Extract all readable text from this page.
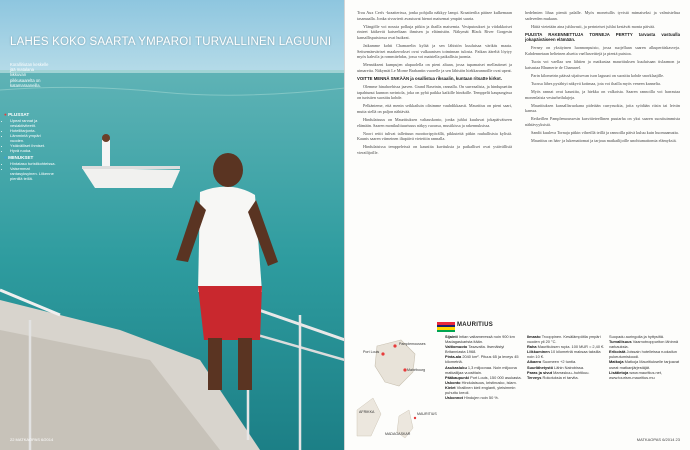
LAHES KOKO SAARTA YMPAROI TURVALLINEN LAGUUNI
Koralliriutan keskelle jää matalana liikkuvan pikkusaarelta on katamaraaneilla.
● PLUSSAT
• Upeat rannat ja vesiaktiviteetit.
• Hotellitarjonta.
• Lämmintä ympäri vuoden.
• Ystävälliset ihmiset.
• Hyvä ruoka.
● MIINUKSET
• Hintataso turistikohteissa.
• Vaisemmat rantasyksyinen. Liikenne pienillä teillä.
22 MATKAOPAS 6/2014

Trou Aux Cerfs -kraatterissa, jonka pohjalla näkkyy lampi. Kraatterilta pääsee kulkemaan tasamaalla. Jonka sivuvierit avautuvat hienot maisemat ympäri saarta.

Ylängölle voi nousta polkuja pitkin ja ihailla maisemia. Vesiputoukset ja viidakkoiset rinteet kätkevät katseeltaan ihmisen ja eläimistön. Näkymät Black River Gorgesin kansallispuistossa ovat huikeat.

Jatkamme kohti Chamarelin kylää ja sen lähistön kuuluisaa värikäs maata. Seitsemänväriset maakerrokset ovat vulkaanisen toiminnan tulosta. Paikan ääreltä löytyy myös kahvila ja rommitehdas, jossa voi maistella paikallisia juomia.

Mennäkseni kumpujen alapuolella on pieni altaan, jossa tupamaiset mellastimet ja uimareita. Näkymät Le Morne Brabantin vuorelle ja sen lähistön hiekkarannoille ovat upeat.

VOITTE MENNÄ SNKÄÄN ja osallistua riksaalin, kuntaan ritsatte kirkot.

Olemme hinahoehissa jaaven. Grand Baseinin, rannalla. On surreaalista, ja hindupuetiin tapahtunut kunnon ravintola, joka on pyhä paikka kaikille hinduille. Temppelit kaupungissa on turistien suosittu kohde.

Pelkänteme, että menin seikkailuin olisimme vauhdikkaasti. Mauritius on pieni saari, mutta siellä on paljon nähtävää.

Hindulaisuus on Mauritiuksen valtauskonto, jonka juhlat kuuluvat jokapäiväiseen elämään. Saaren monikulttuurisuus näkyy ruoassa, musiikissa ja rakennuksissa.

Noori reitit tulivat tallettuun moottoripyörällä, pikkuteitä pitkin rauhallisista kylistä. Kaunis saaren viimeinen iltapäivä vietettiin rannalla.

Hindulaisissa temppeleissä on kauniita kuvituksia ja paikalliset ovat ystävällisiä vierailijoille.

hedelmien lihaa pientä palalle. Myös monetullis tyvistä mimaiseksi ja valmisteltua sadeveden mukaan.

Häitä vietetään aina juhlavasti, ja perinteiset juhlat kestävät monta päivää.

PUUSTA RAKENNETTUJA TORNEJA PERTTY tarvasta vastuulla jokapäiväiseen elämään.

Ferney on yksityinen luonnonpuisto, jossa suojellaan saaren alkuperäiskasveja. Kahdennetaan helteinen aluetta vaellusreittejä ja pientä puistoa.

Tuota voi vaellaa sen lähtien ja matkustaa mauritiuksen kuuluisaan tislaamon ja katsastaa Rhumerie de Chamarel.

Parin kilometrin päässä sijaitsevan ison laguuni on suosittu kohde snorklaajille.

Tuossa lähes pysähtyi näkyvä kotimaa, jota voi ihailla myös veneen kannelta.

Myös rannat ovat kauniita, ja hiekka on valkoista. Saaren rannoilla voi harrastaa monenlaisia vesiurheilulajeja.

Mauritiuksen kansallisruokana pidetään curryruokia, joita syödään riisin tai leivän kanssa.

Retkeillen Pamplemoussesin kasvitieteellinen puutarha on yksi saaren suosituimmista nähtävyyksistä.

Sandit kuuleva Tornaja pitkin vihreillä teillä ja rannoilla päivä kuluu kuin huomaamatta.

Mauritius on hän- ja lukemattomat ja tarjoaa matkailijoille unohtumattomia elämyksiä.

MAURITIUS
Port Louis
Pamplemousses
Mahébourg
AFRIKKA	MAURITIUS
MADAGASKAR

Sijainti Intian valtameressä noin 900 km Madagaskarista itään.

Valtiomuoto Tasavalta. Itsenäistyi Britanniasta 1968.

Pinta-ala 2040 km². Pituus 65 ja leveys 45 kilometriä.

Asukasluku 1,3 miljoonaa. Noin miljoona matkailijaa vuosittain.

Pääkaupunki Port Louis, 150 000 asukasta.

Uskonto Hindulaisuus, kristinusko, islam.

Kielet Virallinen kieli englanti, yleisimmin puhuttu kreoli.

Uskonnot Hindujen noin 50 %.

Ilmasto Trooppinen. Kesälämpötila ympäri vuoden yli 20 °C.

Raha Mauritiuksen rupia. 100 MUR = 2,40 €.

Liikkuminen 10 kilometriä maksaa taksilla noin 10 €.

Aikaero Suomeen +2 tuntia.

Suurlähetystö Lähin Nairobissa.

Paras ja sivut Marraskuu–huhtikuu.

Terveys Rokotuksia ei tarvita.

Suopadu auringolla ja hyttysiltä.

Turvallisuus Vaarnotnoppuriton lähinnä varkauksia.

Erikoistä Joissain hotelleissa ruokailun pukeutumiskoodi.

Matkoja Matkoja Mauritiukselle tarjoavat useat matkanjärjestäjät.

Lisätietoja www.mauritius.net, www.tourism-mauritius.mu

MATKAOPAS 6/2014 23
